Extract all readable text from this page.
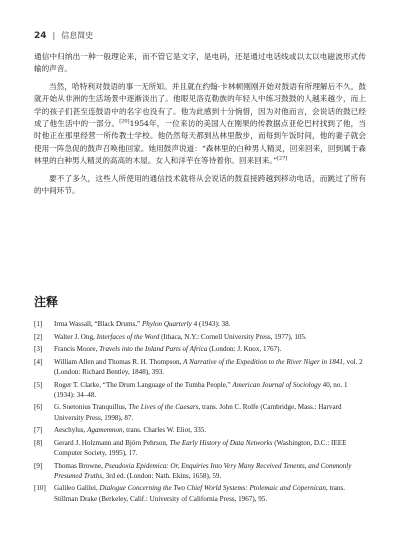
24 | 信息简史

通信中归纳出一种一般理论来，而不管它是文字，是电码，还是通过电话线或以太以电磁波形式传输的声音。

当然，哈特利对鼓语的事一无所知。并且就在约翰·卡林顿刚刚开始对鼓语有所理解后不久，鼓就开始从非洲的生活场景中逐渐淡出了。他眼见洛克勒族的年轻人中练习鼓鼓的人越来越少，而上学的孩子们甚至连鼓语中的名字也没有了。他为此感到十分惋惜，因为对他而言，会说话的鼓已经成了他生活中的一部分。[20]1954年，一位来访的美国人在刚果的传教据点亚伦巴村找到了他，当时他正在那里经营一所传教士学校。他仍然每天都到丛林里散步，而每到午饭时间，他的妻子就会使用一阵急促的鼓声召唤他回家。她用鼓声说道：“森林里的白种男人精灵，回来回来，回到属于森林里的白种男人精灵的高高的木屋。女人和洋芋在等待着你。回来回来。”[27]

要不了多久，这些人所使用的通信技术就将从会说话的鼓直接跨越到移动电话，而跳过了所有的中间环节。

注释
[1]	Irma Wassall, “Black Drums,” Phylon Quarterly 4 (1943): 38.
[2]	Walter J. Ong, Interfaces of the Word (Ithaca, N.Y.: Cornell University Press, 1977), 105.
[3]	Francis Moore, Travels into the Inland Parts of Africa (London: J. Knox, 1767).
[4]	William Allen and Thomas R. H. Thompson, A Narrative of the Expedition to the River Niger in 1841, vol. 2 (London: Richard Bentley, 1848), 393.
[5]	Roger T. Clarke, “The Drum Language of the Tumba People,” American Journal of Sociology 40, no. 1 (1934): 34–48.
[6]	G. Suetonius Tranquillus, The Lives of the Caesars, trans. John C. Rolfe (Cambridge, Mass.: Harvard University Press, 1998), 87.
[7]	Aeschylus, Agamemnon, trans. Charles W. Eliot, 335.
[8]	Gerard J. Holzmann and Björn Pehrson, The Early History of Data Networks (Washington, D.C.: IEEE Computer Society, 1995), 17.
[9]	Thomas Browne, Pseudoxia Epidemica: Or, Enquiries Into Very Many Received Tenents, and Commonly Presumed Truths, 3rd ed. (London: Nath. Ekins, 1658), 59.
[10]	Galileo Galilei, Dialogue Concerning the Two Chief World Systems: Ptolemaic and Copernican, trans. Stillman Drake (Berkeley, Calif.: University of California Press, 1967), 95.
